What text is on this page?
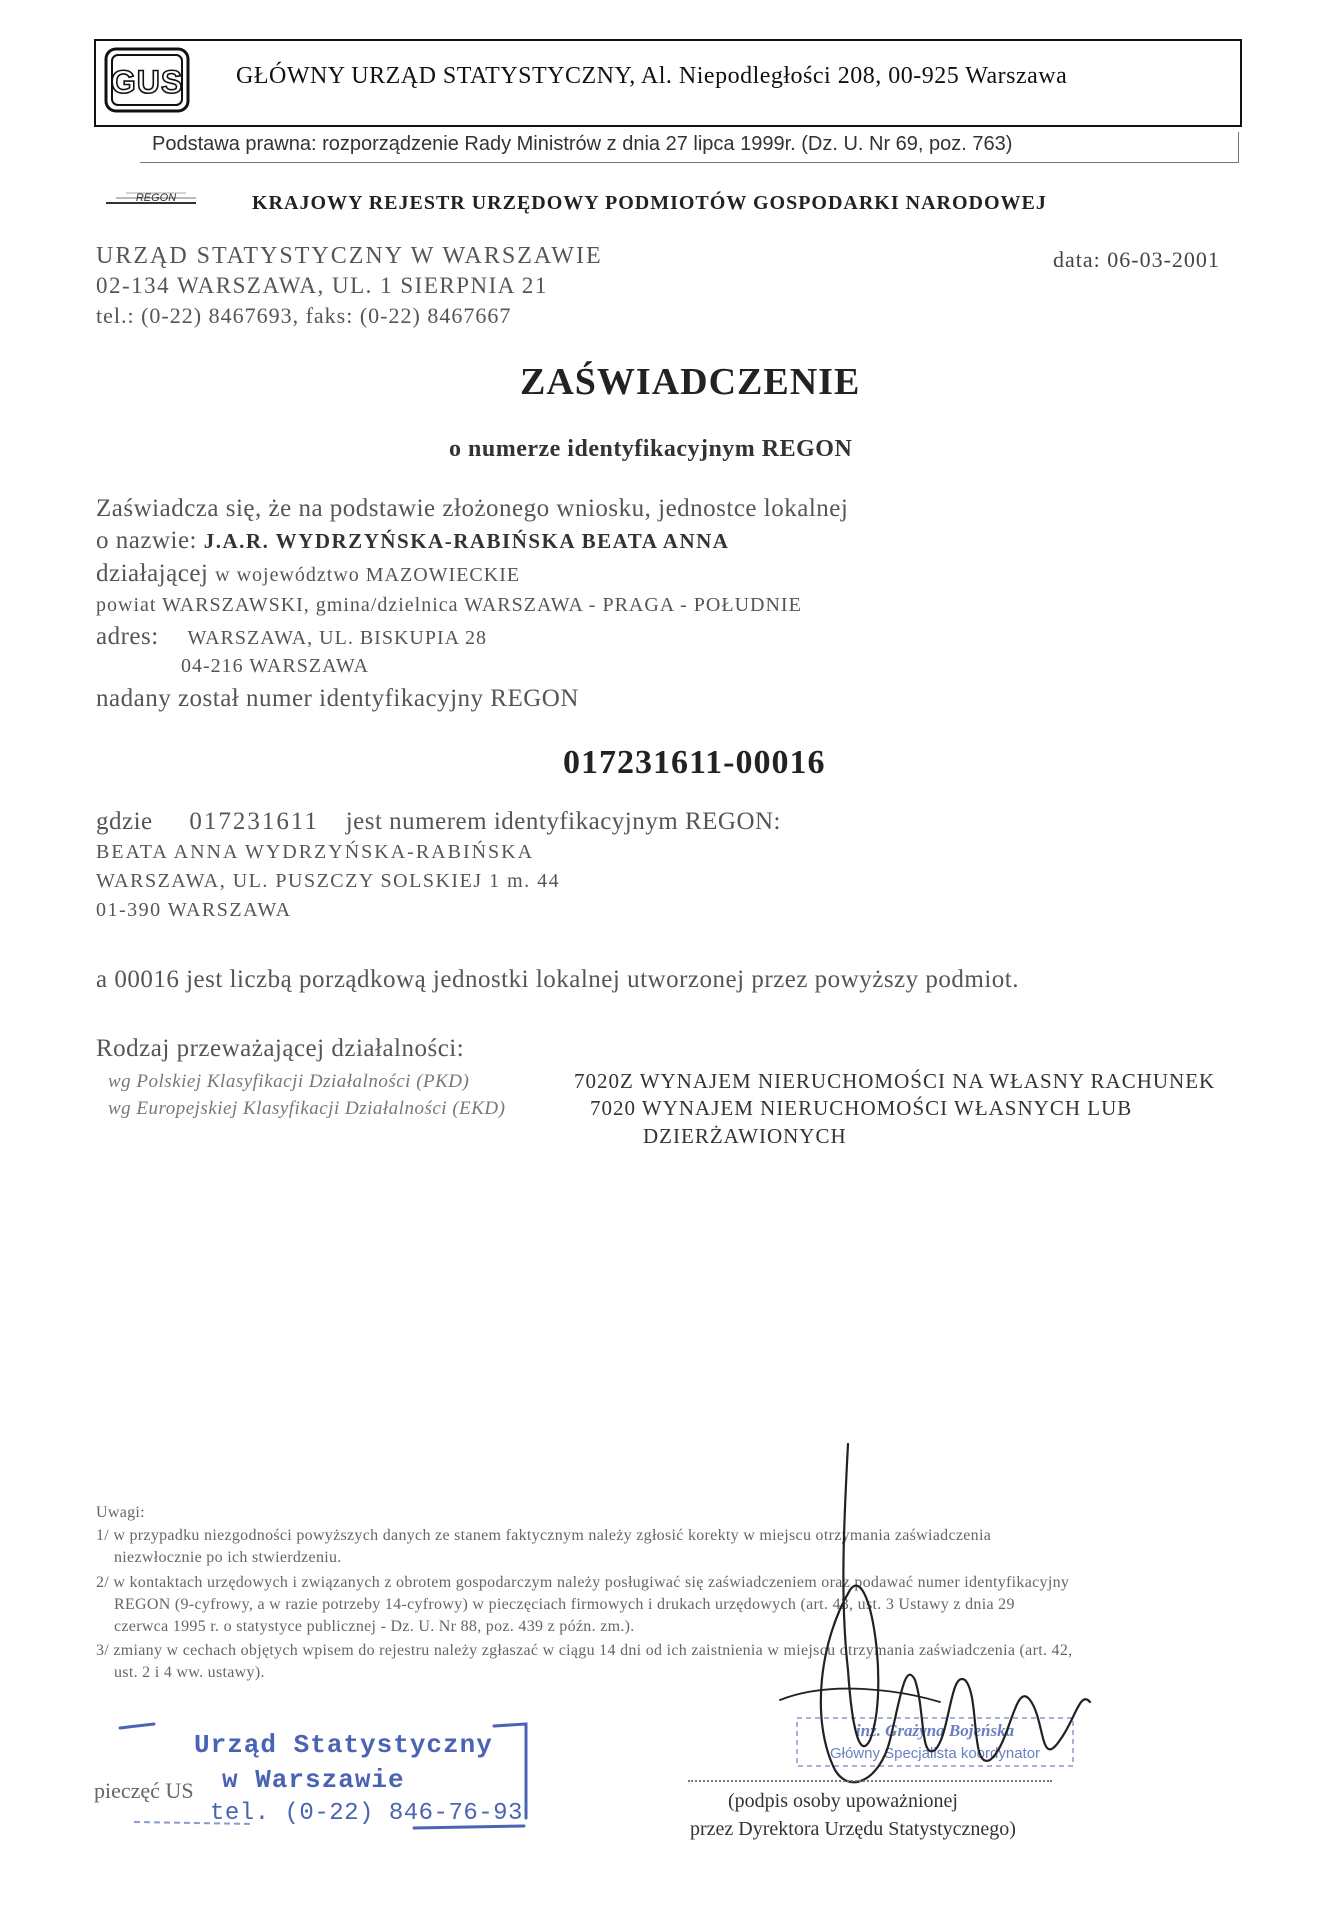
GUS GŁÓWNY URZĄD STATYSTYCZNY, Al. Niepodległości 208, 00-925 Warszawa
Podstawa prawna: rozporządzenie Rady Ministrów z dnia 27 lipca 1999r. (Dz. U. Nr 69, poz. 763)
REGON	KRAJOWY REJESTR URZĘDOWY PODMIOTÓW GOSPODARKI NARODOWEJ
URZĄD STATYSTYCZNY W WARSZAWIE
02-134 WARSZAWA, UL. 1 SIERPNIA 21
tel.: (0-22) 8467693, faks: (0-22) 8467667
data: 06-03-2001
ZAŚWIADCZENIE
o numerze identyfikacyjnym REGON
Zaświadcza się, że na podstawie złożonego wniosku, jednostce lokalnej
o nazwie: J.A.R. WYDRZYŃSKA-RABIŃSKA BEATA ANNA
działającej w województwo MAZOWIECKIE
powiat WARSZAWSKI, gmina/dzielnica WARSZAWA - PRAGA - POŁUDNIE
adres: WARSZAWA, UL. BISKUPIA 28
04-216 WARSZAWA
nadany został numer identyfikacyjny REGON
017231611-00016
gdzie 017231611 jest numerem identyfikacyjnym REGON:
BEATA ANNA WYDRZYŃSKA-RABIŃSKA
WARSZAWA, UL. PUSZCZY SOLSKIEJ 1 m. 44
01-390 WARSZAWA
a 00016 jest liczbą porządkową jednostki lokalnej utworzonej przez powyższy podmiot.
Rodzaj przeważającej działalności:
wg Polskiej Klasyfikacji Działalności (PKD)	7020Z WYNAJEM NIERUCHOMOŚCI NA WŁASNY RACHUNEK
wg Europejskiej Klasyfikacji Działalności (EKD)	7020 WYNAJEM NIERUCHOMOŚCI WŁASNYCH LUB
DZIERŻAWIONYCH
Uwagi:
1/ w przypadku niezgodności powyższych danych ze stanem faktycznym należy zgłosić korekty w miejscu otrzymania zaświadczenia
niezwłocznie po ich stwierdzeniu.
2/ w kontaktach urzędowych i związanych z obrotem gospodarczym należy posługiwać się zaświadczeniem oraz podawać numer identyfikacyjny
REGON (9-cyfrowy, a w razie potrzeby 14-cyfrowy) w pieczęciach firmowych i drukach urzędowych (art. 43, ust. 3 Ustawy z dnia 29
czerwca 1995 r. o statystyce publicznej - Dz. U. Nr 88, poz. 439 z późn. zm.).
3/ zmiany w cechach objętych wpisem do rejestru należy zgłaszać w ciągu 14 dni od ich zaistnienia w miejscu otrzymania zaświadczenia (art. 42,
ust. 2 i 4 ww. ustawy).
pieczęć US
Urząd Statystyczny
w Warszawie
tel. (0-22) 846-76-93
inż. Grażyna Bojeńska
Główny Specjalista koordynator
(podpis osoby upoważnionej
przez Dyrektora Urzędu Statystycznego)
